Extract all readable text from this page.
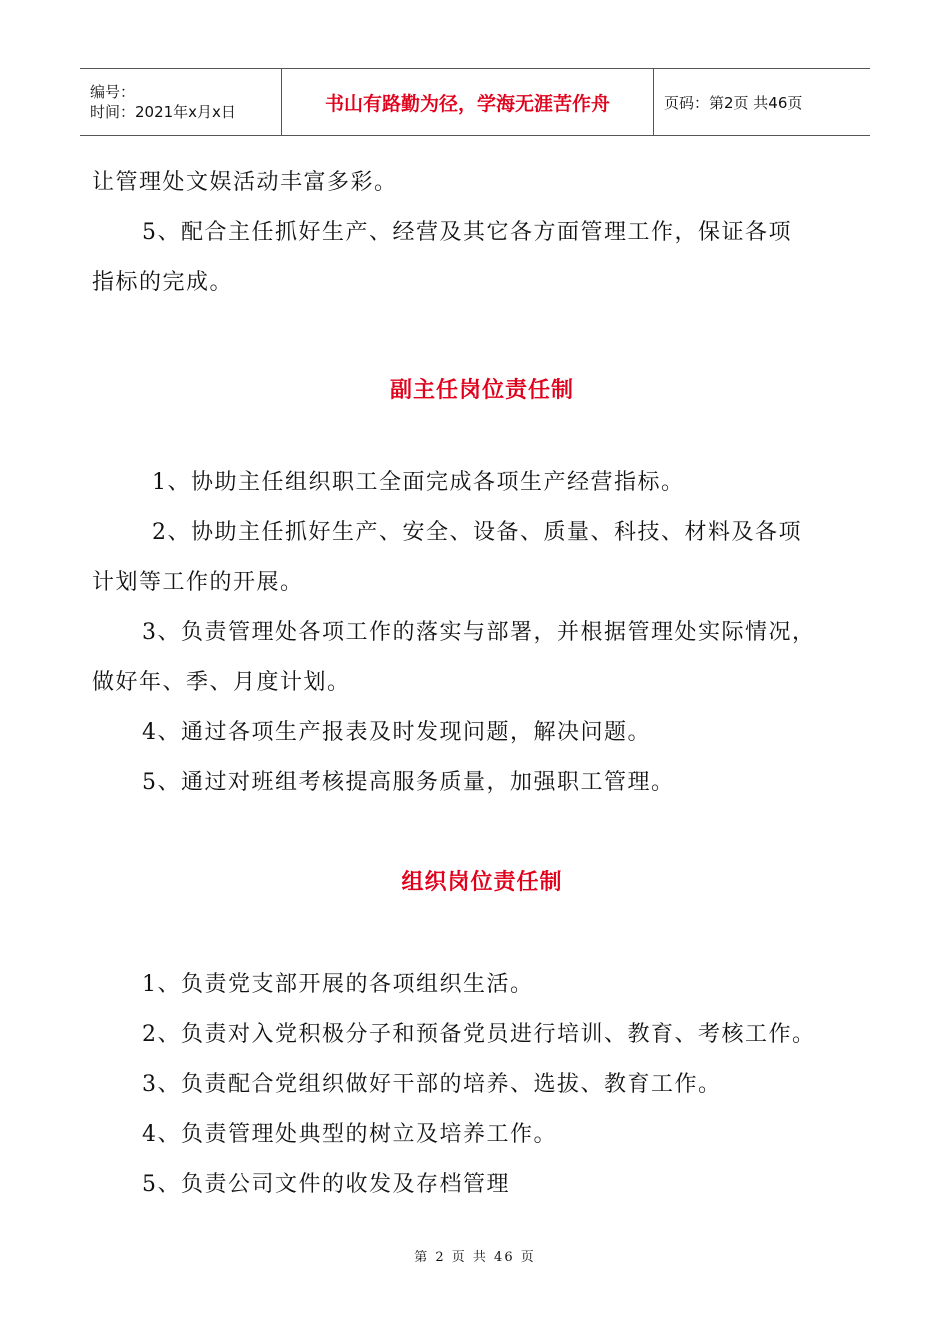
编号：
时间：2021年x月x日	书山有路勤为径，学海无涯苦作舟	页码：第2页 共46页

让管理处文娱活动丰富多彩。

5、配合主任抓好生产、经营及其它各方面管理工作，保证各项

指标的完成。

副主任岗位责任制

1、协助主任组织职工全面完成各项生产经营指标。

2、协助主任抓好生产、安全、设备、质量、科技、材料及各项

计划等工作的开展。

3、负责管理处各项工作的落实与部署，并根据管理处实际情况，

做好年、季、月度计划。

4、通过各项生产报表及时发现问题，解决问题。

5、通过对班组考核提高服务质量，加强职工管理。

组织岗位责任制

1、负责党支部开展的各项组织生活。

2、负责对入党积极分子和预备党员进行培训、教育、考核工作。

3、负责配合党组织做好干部的培养、选拔、教育工作。

4、负责管理处典型的树立及培养工作。

5、负责公司文件的收发及存档管理

第 2 页 共 46 页
